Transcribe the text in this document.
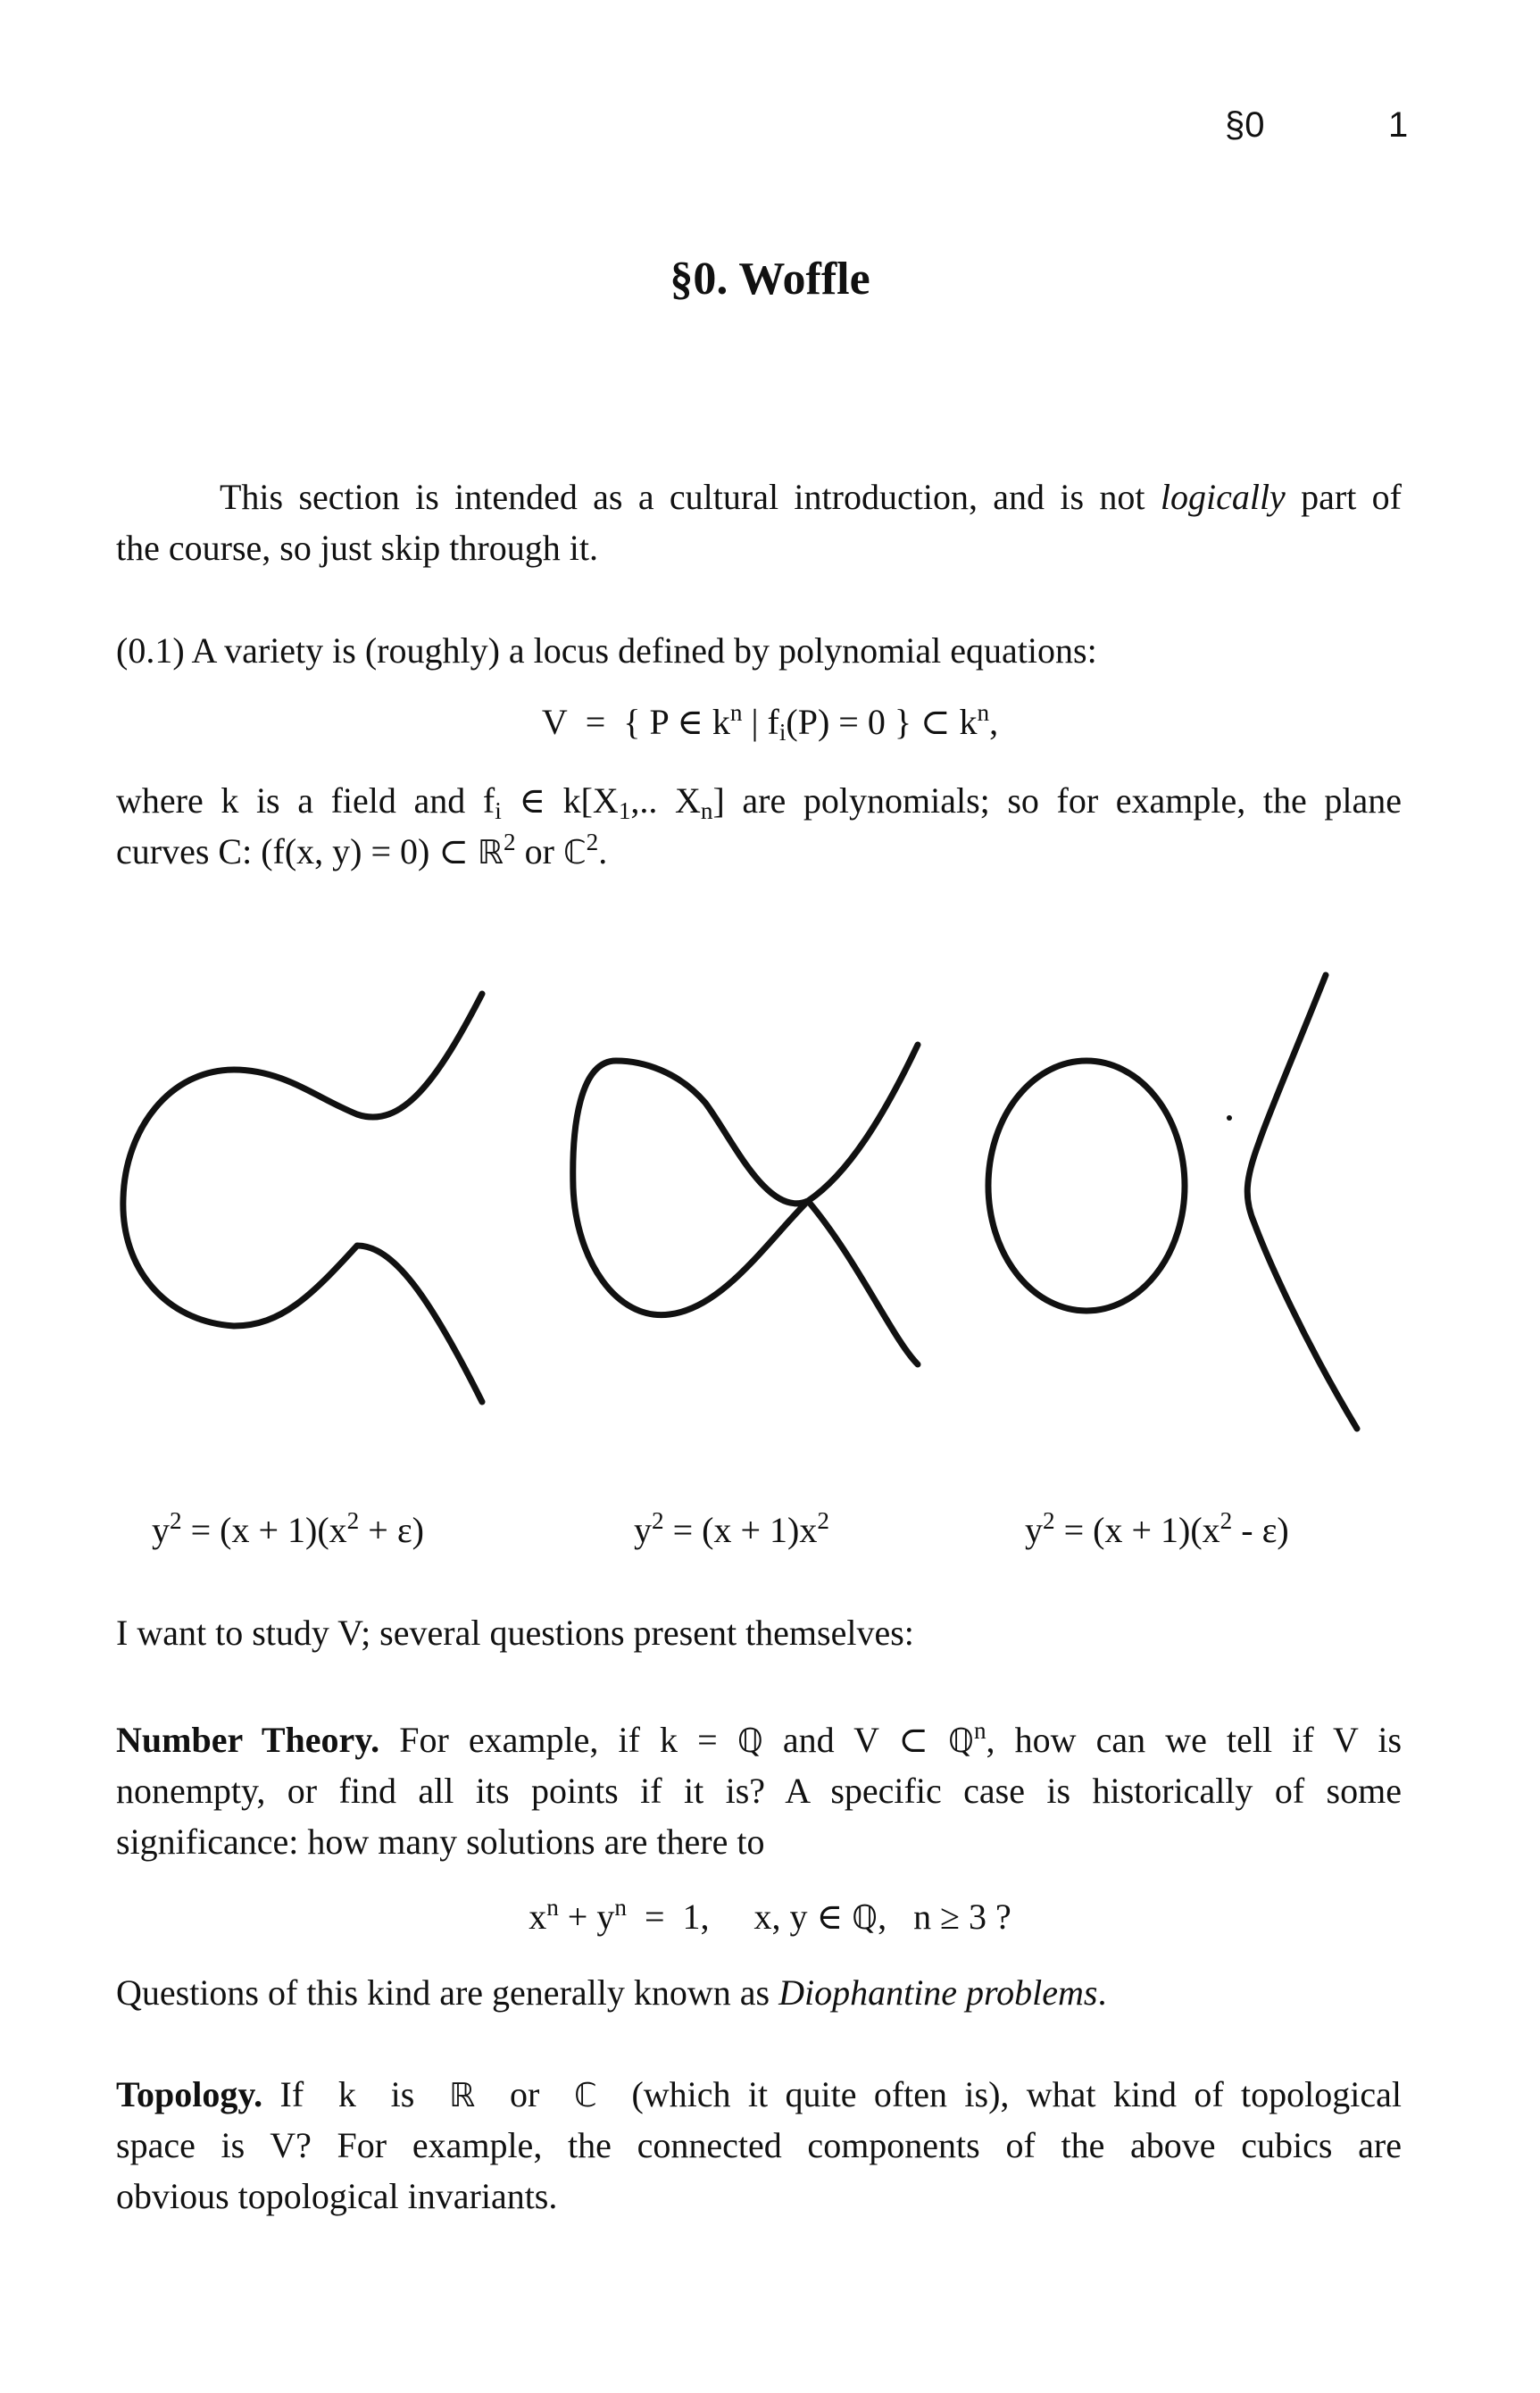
§0	1
§0. Woffle
This section is intended as a cultural introduction, and is not logically part of
the course, so just skip through it.
(0.1) A variety is (roughly) a locus defined by polynomial equations:
V = { P ∈ $k^n$ | $f_i(P) = 0$ } ⊂ $k^n$,
where k is a field and $f_i$ ∈ $k[X_1$,.. $X_n$] are polynomials; so for example, the plane
curves C: (f(x, y) = 0) ⊂ ℝ$^2$ or ℂ$^2$.
$y^2 = (x + 1)(x^2 + \varepsilon)$	$y^2 = (x + 1)x^2$	$y^2 = (x + 1)(x^2 - \varepsilon)$
I want to study V; several questions present themselves:
Number Theory. For example, if k = ℚ and V ⊂ ℚ$^n$, how can we tell if V is
nonempty, or find all its points if it is? A specific case is historically of some
significance: how many solutions are there to
$x^n + y^n = 1$,     x, y ∈ ℚ,   n ≥ 3 ?
Questions of this kind are generally known as Diophantine problems.
Topology. If  k  is  ℝ  or  ℂ  (which it quite often is), what kind of topological
space is V? For example, the connected components of the above cubics are
obvious topological invariants.
